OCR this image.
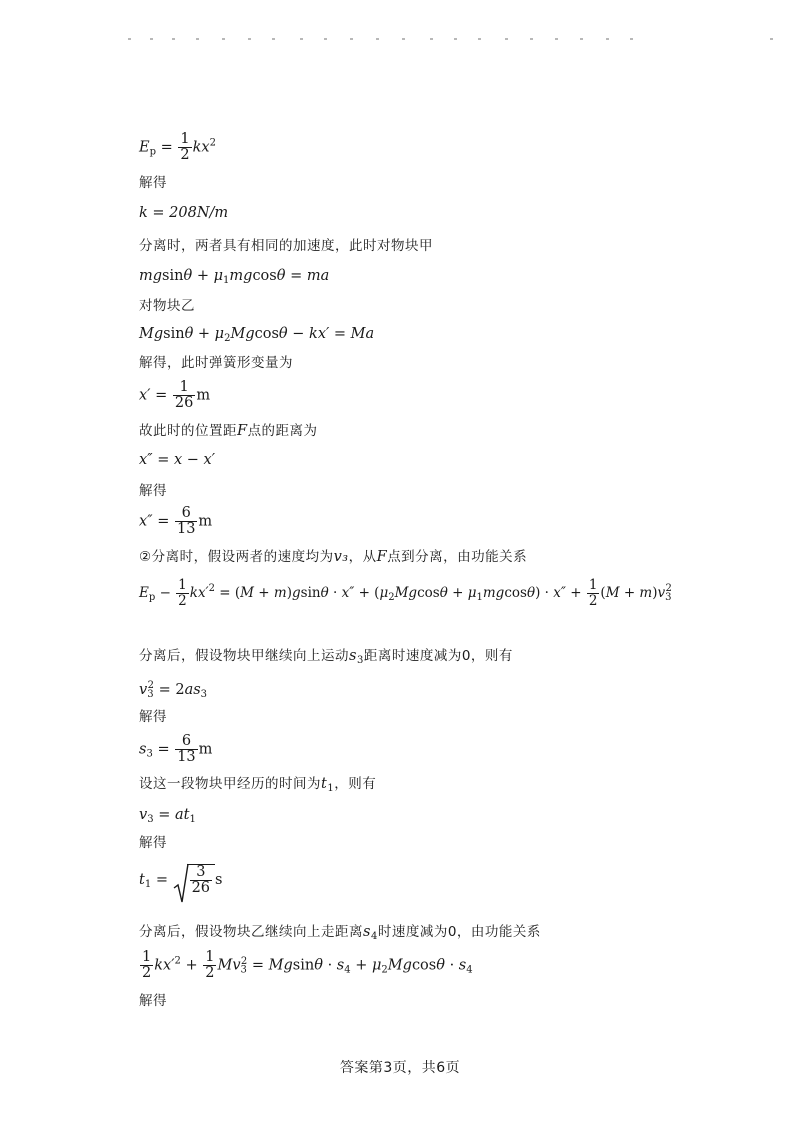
$E_p = \frac{1}{2} kx^2$
解得
k = 208N/m
分离时，两者具有相同的加速度，此时对物块甲
$mgsin\theta + \mu_1mgcos\theta$ = ma
对物块乙
$Mgsin\theta + \mu_2Mgcos\theta - kx' = Ma$
解得，此时弹簧形变量为
$x' = \frac{1}{26}$ m
故此时的位置距F点的距离为
x″ = x − x′
解得
$x'' = \frac{6}{13}$ m
②分离时，假设两者的速度均为v₃，从F点到分离，由功能关系
$E_p - \frac{1}{2} kx'^2 = (M + m)gsin\theta \cdot x'' + (\mu_2Mgcos\theta + \mu_1mgcos\theta) \cdot x'' + \frac{1}{2} (M + m)v_3^2$
分离后，假设物块甲继续向上运动$s_3$距离时速度减为0，则有
$v_3^2 = 2as_3$
解得
$s_3 = \frac{6}{13}$ m
设这一段物块甲经历的时间为$t_1$，则有
$v_3 = at_1$
解得
$t_1 = \frac{3}{26}$ s
分离后，假设物块乙继续向上走距离$s_4$时速度减为0，由功能关系
$\frac{1}{2} kx'^2 + \frac{1}{2} Mv_3^2 = Mgsin\theta \cdot s_4 + \mu_2Mgcos\theta \cdot s_4$
解得
答案第3页，共6页
